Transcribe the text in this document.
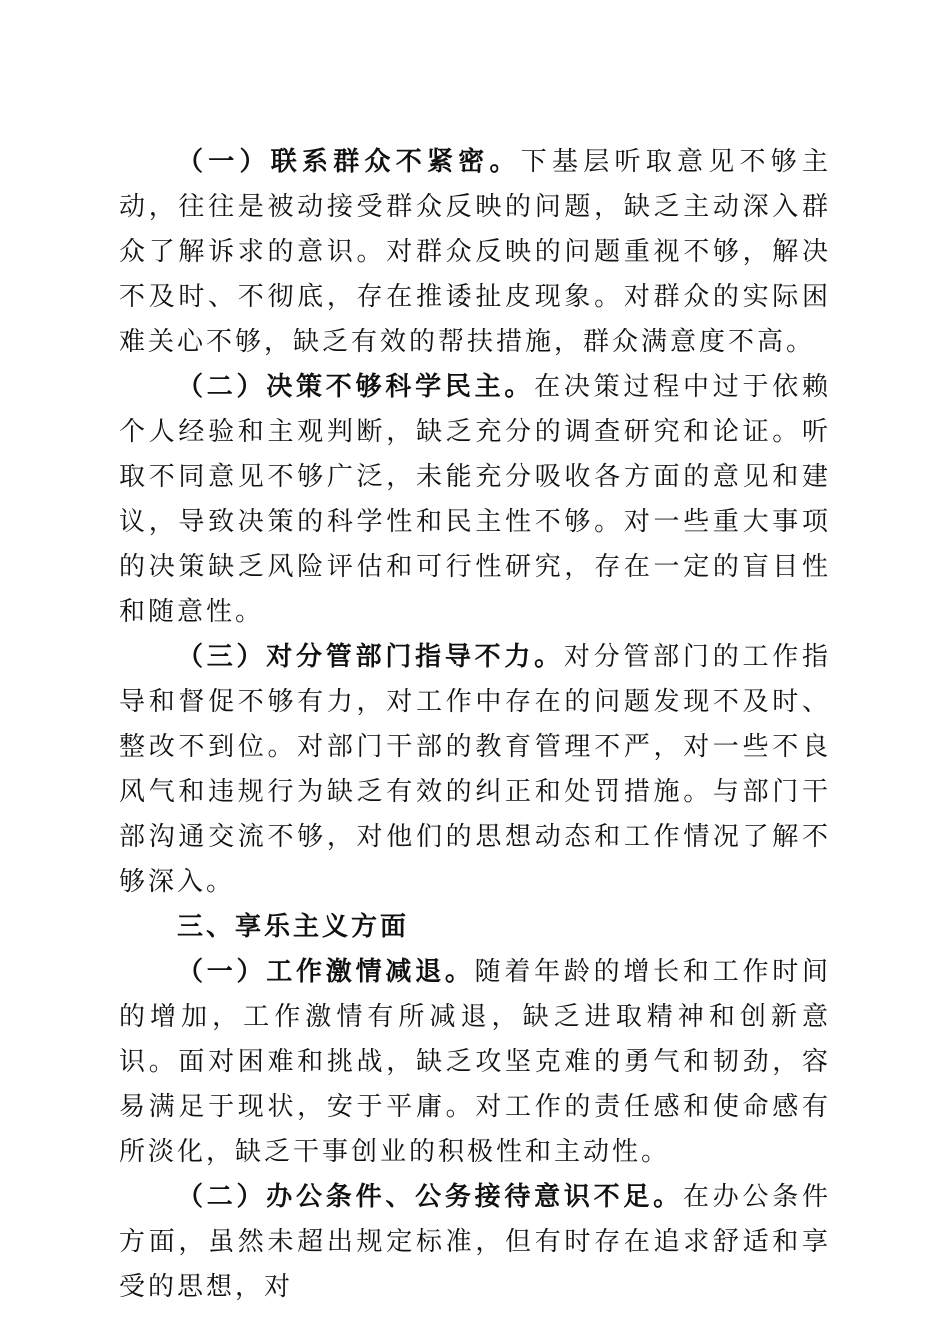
（一）联系群众不紧密。下基层听取意见不够主动，往往是被动接受群众反映的问题，缺乏主动深入群众了解诉求的意识。对群众反映的问题重视不够，解决不及时、不彻底，存在推诿扯皮现象。对群众的实际困难关心不够，缺乏有效的帮扶措施，群众满意度不高。

（二）决策不够科学民主。在决策过程中过于依赖个人经验和主观判断，缺乏充分的调查研究和论证。听取不同意见不够广泛，未能充分吸收各方面的意见和建议，导致决策的科学性和民主性不够。对一些重大事项的决策缺乏风险评估和可行性研究，存在一定的盲目性和随意性。

（三）对分管部门指导不力。对分管部门的工作指导和督促不够有力，对工作中存在的问题发现不及时、整改不到位。对部门干部的教育管理不严，对一些不良风气和违规行为缺乏有效的纠正和处罚措施。与部门干部沟通交流不够，对他们的思想动态和工作情况了解不够深入。

三、享乐主义方面

（一）工作激情减退。随着年龄的增长和工作时间的增加，工作激情有所减退，缺乏进取精神和创新意识。面对困难和挑战，缺乏攻坚克难的勇气和韧劲，容易满足于现状，安于平庸。对工作的责任感和使命感有所淡化，缺乏干事创业的积极性和主动性。

（二）办公条件、公务接待意识不足。在办公条件方面，虽然未超出规定标准，但有时存在追求舒适和享受的思想，对
